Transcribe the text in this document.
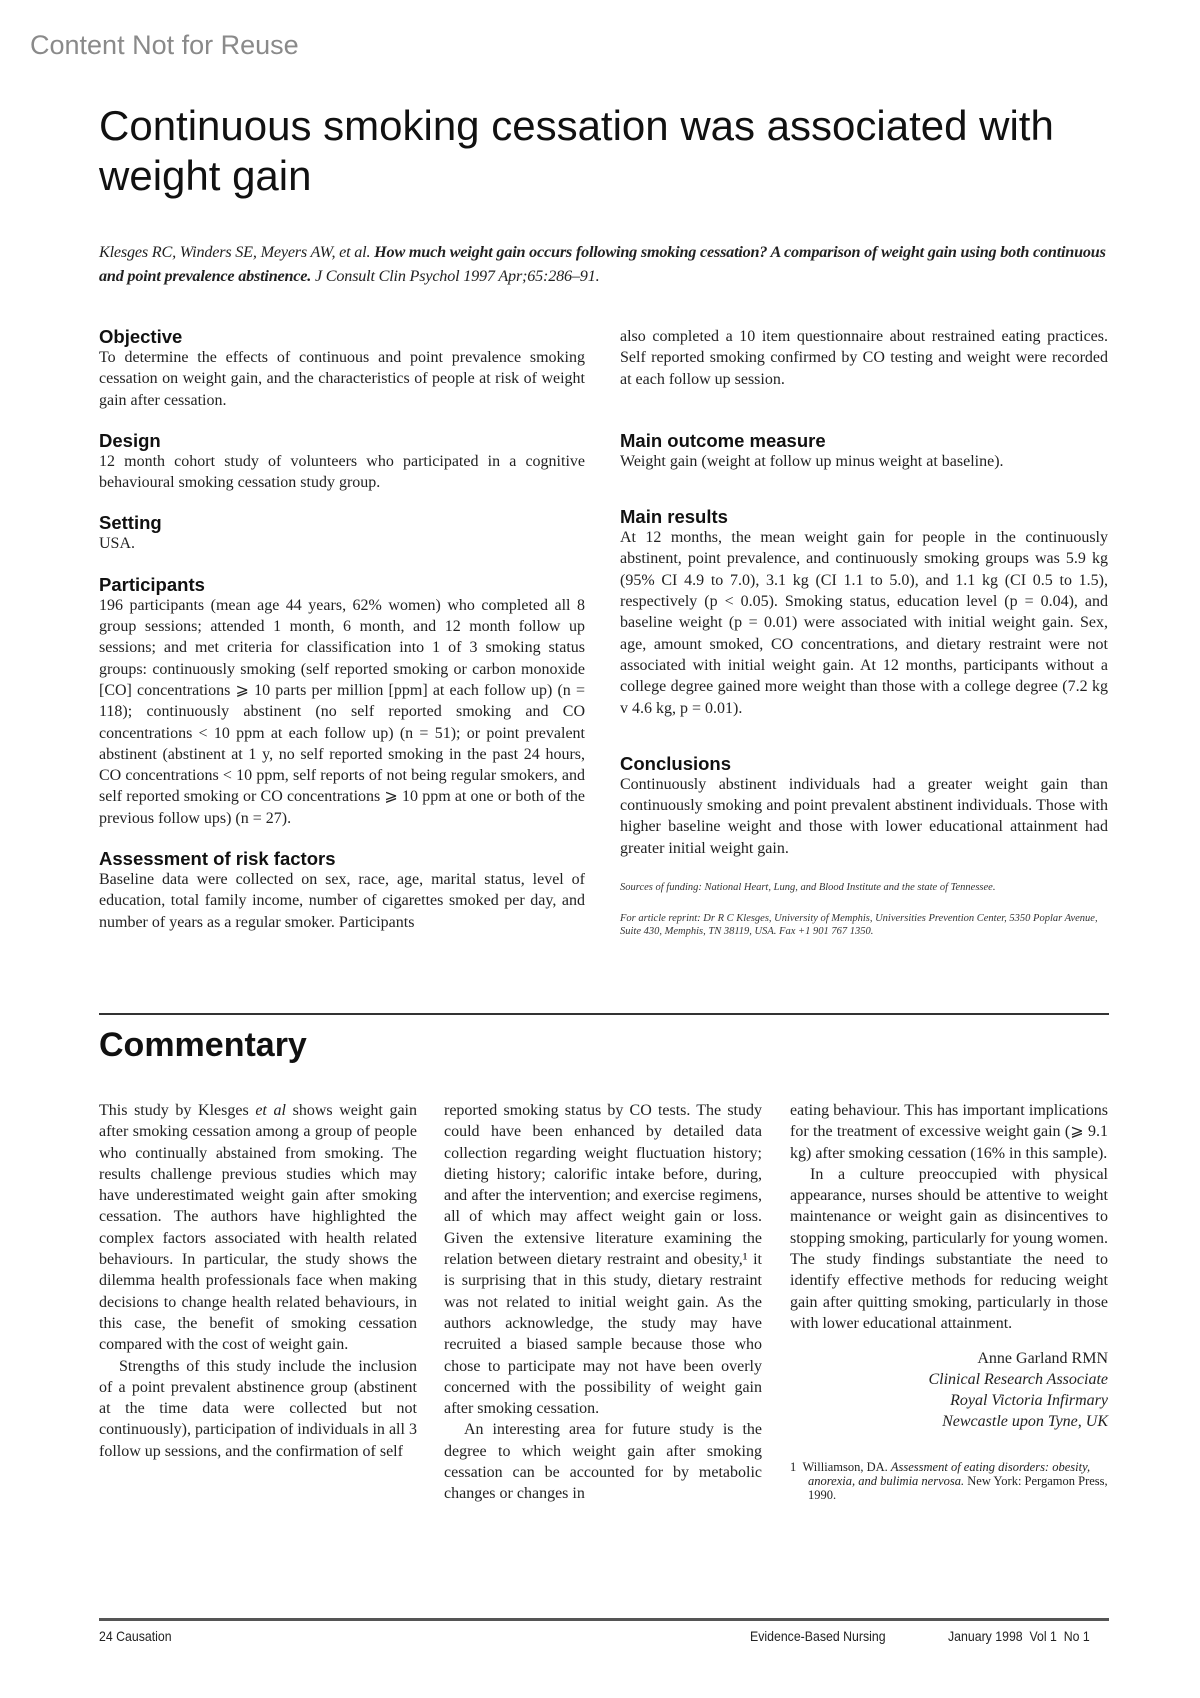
Content Not for Reuse
Continuous smoking cessation was associated with weight gain
Klesges RC, Winders SE, Meyers AW, et al. How much weight gain occurs following smoking cessation? A comparison of weight gain using both continuous and point prevalence abstinence. J Consult Clin Psychol 1997 Apr;65:286–91.
Objective

To determine the effects of continuous and point prevalence smoking cessation on weight gain, and the characteristics of people at risk of weight gain after cessation.

Design

12 month cohort study of volunteers who participated in a cognitive behavioural smoking cessation study group.

Setting

USA.

Participants

196 participants (mean age 44 years, 62% women) who completed all 8 group sessions; attended 1 month, 6 month, and 12 month follow up sessions; and met criteria for classification into 1 of 3 smoking status groups: continuously smoking (self reported smoking or carbon monoxide [CO] concentrations ⩾ 10 parts per million [ppm] at each follow up) (n = 118); continuously abstinent (no self reported smoking and CO concentrations < 10 ppm at each follow up) (n = 51); or point prevalent abstinent (abstinent at 1 y, no self reported smoking in the past 24 hours, CO concentrations < 10 ppm, self reports of not being regular smokers, and self reported smoking or CO concentrations ⩾ 10 ppm at one or both of the previous follow ups) (n = 27).

Assessment of risk factors

Baseline data were collected on sex, race, age, marital status, level of education, total family income, number of cigarettes smoked per day, and number of years as a regular smoker. Participants

also completed a 10 item questionnaire about restrained eating practices. Self reported smoking confirmed by CO testing and weight were recorded at each follow up session.

Main outcome measure

Weight gain (weight at follow up minus weight at baseline).

Main results

At 12 months, the mean weight gain for people in the continuously abstinent, point prevalence, and continuously smoking groups was 5.9 kg (95% CI 4.9 to 7.0), 3.1 kg (CI 1.1 to 5.0), and 1.1 kg (CI 0.5 to 1.5), respectively (p < 0.05). Smoking status, education level (p = 0.04), and baseline weight (p = 0.01) were associated with initial weight gain. Sex, age, amount smoked, CO concentrations, and dietary restraint were not associated with initial weight gain. At 12 months, participants without a college degree gained more weight than those with a college degree (7.2 kg v 4.6 kg, p = 0.01).

Conclusions

Continuously abstinent individuals had a greater weight gain than continuously smoking and point prevalent abstinent individuals. Those with higher baseline weight and those with lower educational attainment had greater initial weight gain.

Sources of funding: National Heart, Lung, and Blood Institute and the state of Tennessee.

For article reprint: Dr R C Klesges, University of Memphis, Universities Prevention Center, 5350 Poplar Avenue, Suite 430, Memphis, TN 38119, USA. Fax +1 901 767 1350.

Commentary

This study by Klesges et al shows weight gain after smoking cessation among a group of people who continually abstained from smoking. The results challenge previous studies which may have underestimated weight gain after smoking cessation. The authors have highlighted the complex factors associated with health related behaviours. In particular, the study shows the dilemma health professionals face when making decisions to change health related behaviours, in this case, the benefit of smoking cessation compared with the cost of weight gain.

Strengths of this study include the inclusion of a point prevalent abstinence group (abstinent at the time data were collected but not continuously), participation of individuals in all 3 follow up sessions, and the confirmation of self

reported smoking status by CO tests. The study could have been enhanced by detailed data collection regarding weight fluctuation history; dieting history; calorific intake before, during, and after the intervention; and exercise regimens, all of which may affect weight gain or loss. Given the extensive literature examining the relation between dietary restraint and obesity,¹ it is surprising that in this study, dietary restraint was not related to initial weight gain. As the authors acknowledge, the study may have recruited a biased sample because those who chose to participate may not have been overly concerned with the possibility of weight gain after smoking cessation.

An interesting area for future study is the degree to which weight gain after smoking cessation can be accounted for by metabolic changes or changes in

eating behaviour. This has important implications for the treatment of excessive weight gain (⩾ 9.1 kg) after smoking cessation (16% in this sample).

In a culture preoccupied with physical appearance, nurses should be attentive to weight maintenance or weight gain as disincentives to stopping smoking, particularly for young women. The study findings substantiate the need to identify effective methods for reducing weight gain after quitting smoking, particularly in those with lower educational attainment.

Anne Garland RMN
Clinical Research Associate
Royal Victoria Infirmary
Newcastle upon Tyne, UK
1 Williamson, DA. Assessment of eating disorders: obesity, anorexia, and bulimia nervosa. New York: Pergamon Press, 1990.
24 Causation	Evidence-Based Nursing	January 1998  Vol 1  No 1
